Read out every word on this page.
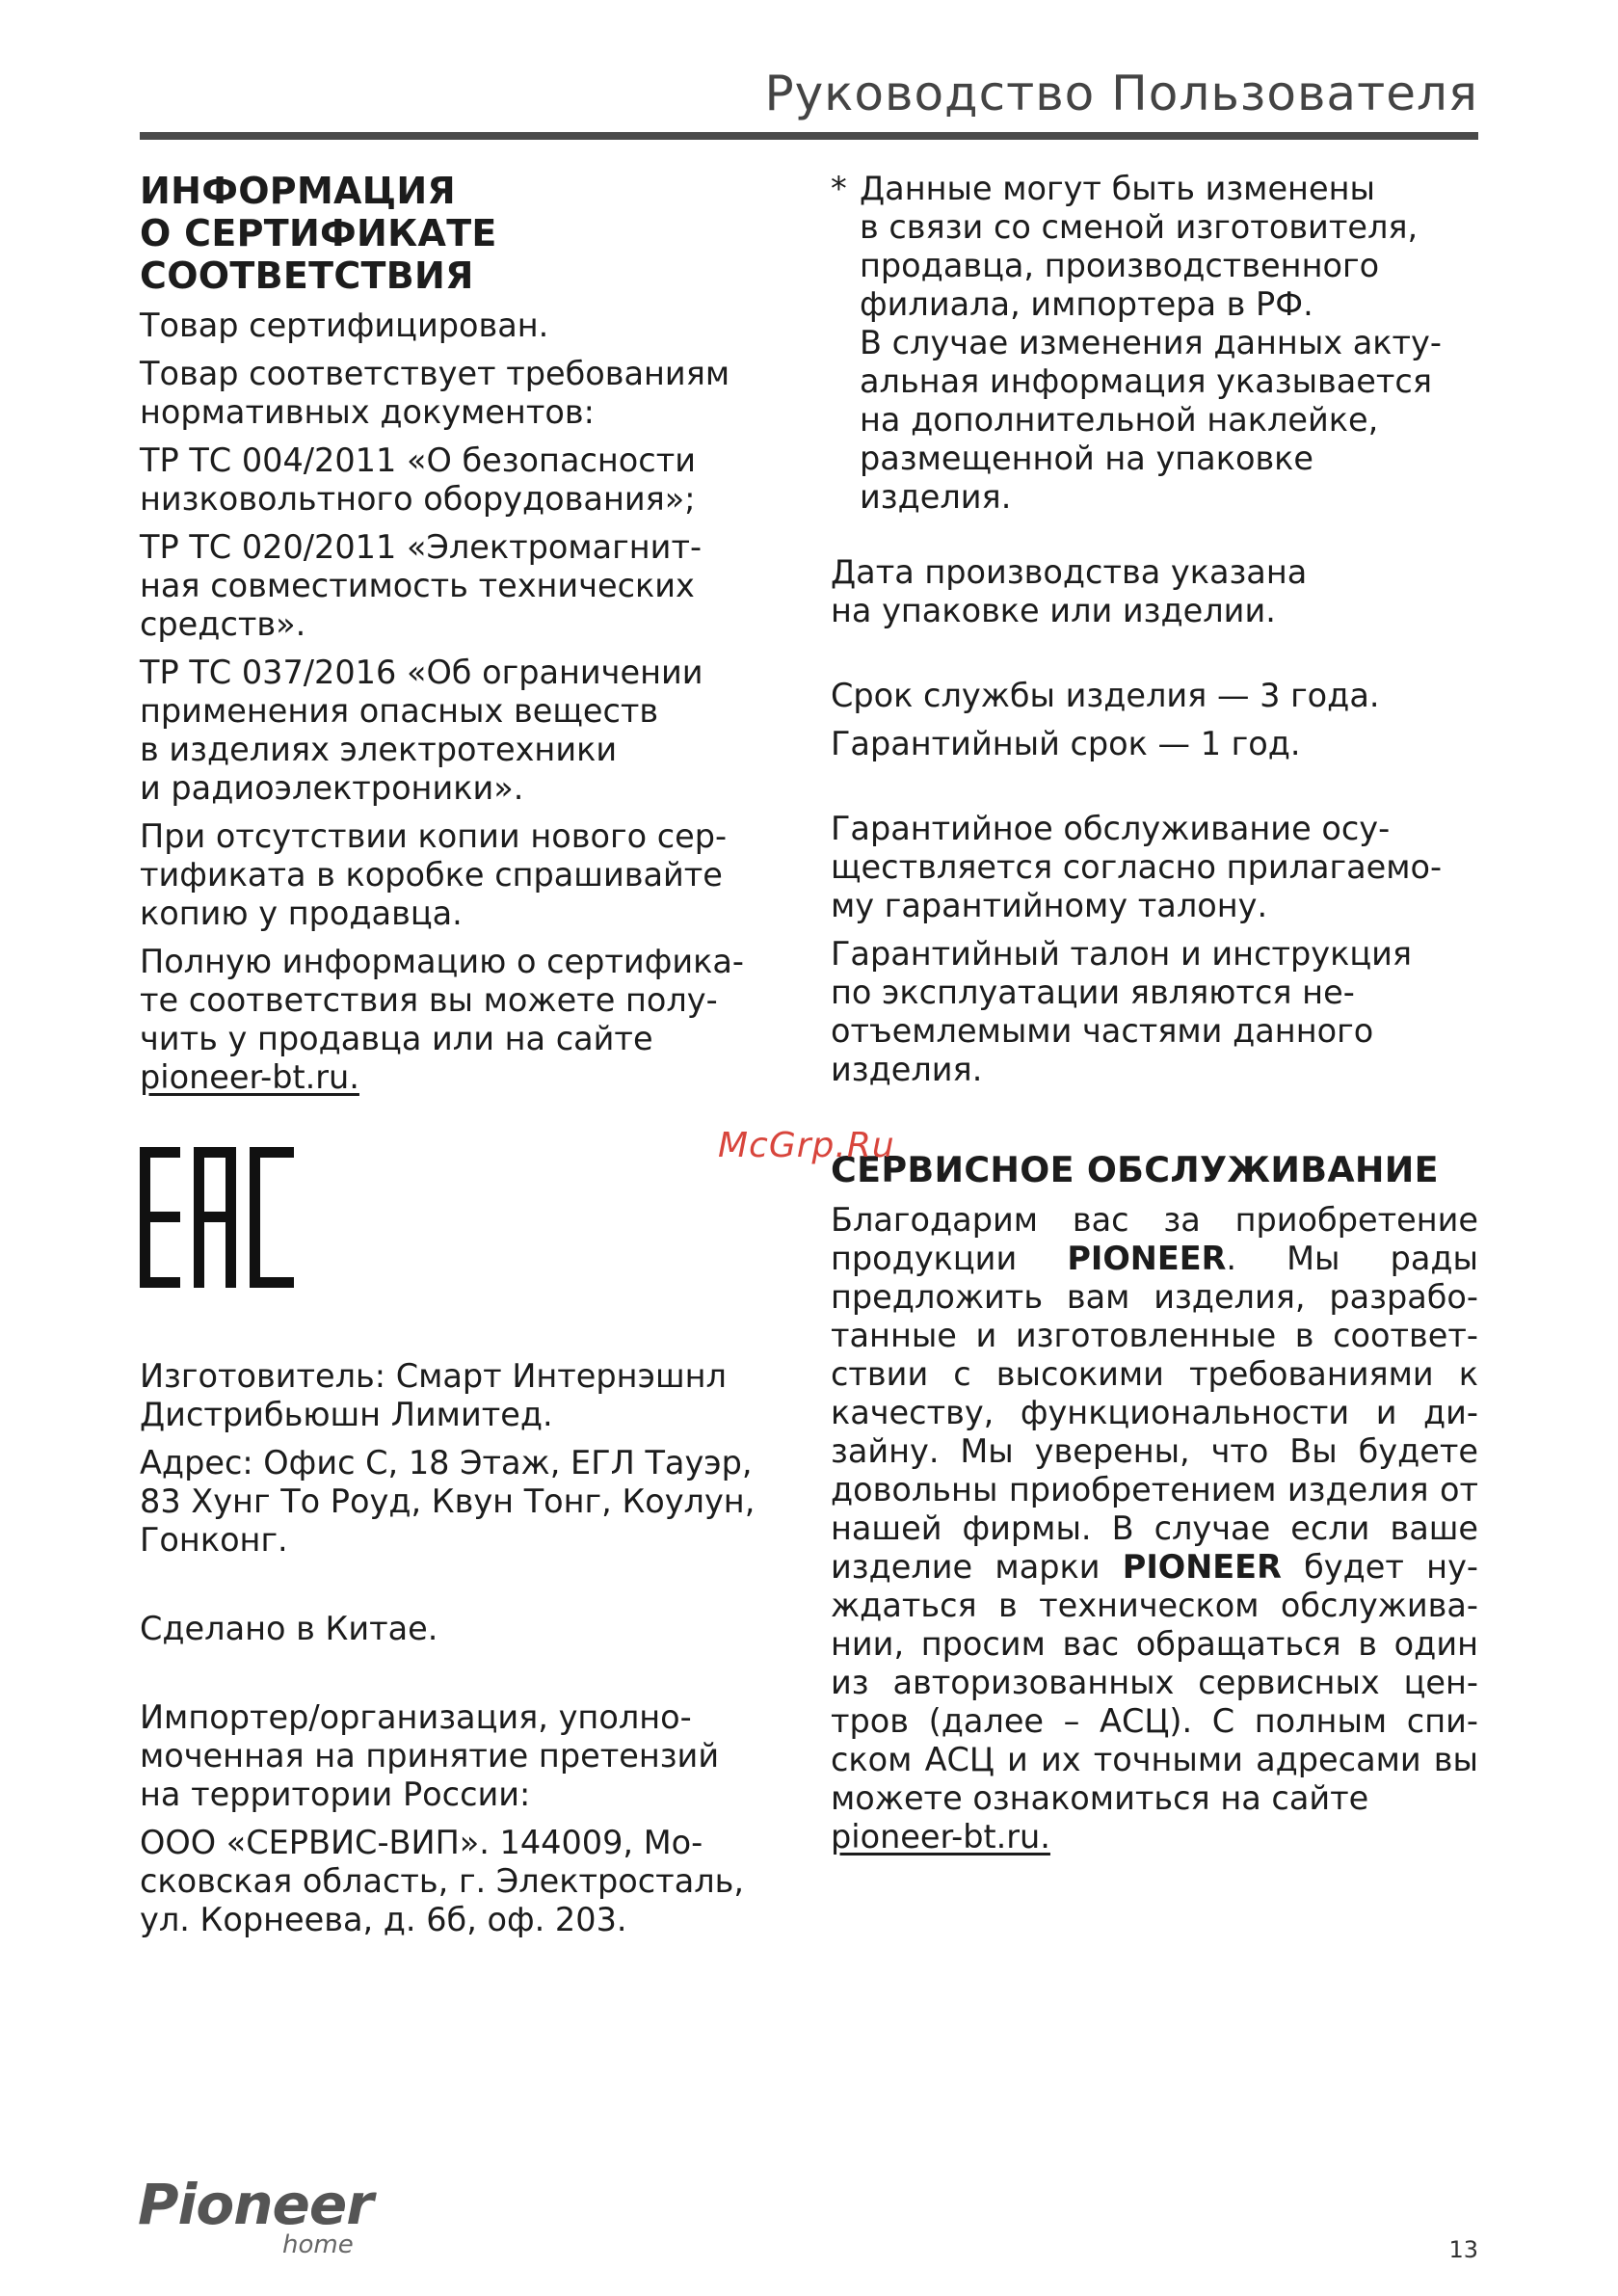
Руководство Пользователя
ИНФОРМАЦИЯ
О СЕРТИФИКАТЕ
СООТВЕТСТВИЯ

Товар сертифицирован.

Товар соответствует требованиям
нормативных документов:

ТР ТС 004/2011 «О безопасности
низковольтного оборудования»;

ТР ТС 020/2011 «Электромагнит-
ная совместимость технических
средств».

ТР ТС 037/2016 «Об ограничении
применения опасных веществ
в изделиях электротехники
и радиоэлектроники».

При отсутствии копии нового сер-
тификата в коробке спрашивайте
копию у продавца.

Полную информацию о сертифика-
те соответствия вы можете полу-
чить у продавца или на сайте
pioneer-bt.ru.

Изготовитель: Смарт Интернэшнл
Дистрибьюшн Лимитед.

Адрес: Офис С, 18 Этаж, ЕГЛ Тауэр,
83 Хунг То Роуд, Квун Тонг, Коулун,
Гонконг.

Сделано в Китае.

Импортер/организация, уполно-
моченная на принятие претензий
на территории России:

ООО «СЕРВИС-ВИП». 144009, Мо-
сковская область, г. Электросталь,
ул. Корнеева, д. 6б, оф. 203.

* Данные могут быть изменены
в связи со сменой изготовителя,
продавца, производственного
филиала, импортера в РФ.
В случае изменения данных акту-
альная информация указывается
на дополнительной наклейке,
размещенной на упаковке
изделия.

Дата производства указана
на упаковке или изделии.

Срок службы изделия — 3 года.

Гарантийный срок — 1 год.

Гарантийное обслуживание осу-
ществляется согласно прилагаемо-
му гарантийному талону.

Гарантийный талон и инструкция
по эксплуатации являются не-
отъемлемыми частями данного
изделия.

СЕРВИСНОЕ ОБСЛУЖИВАНИЕ

Благодарим вас за приобретение продукции PIONEER. Мы рады предложить вам изделия, разрабо-танные и изготовленные в соответ-ствии с высокими требованиями к качеству, функциональности и ди-зайну. Мы уверены, что Вы будете довольны приобретением изделия от нашей фирмы. В случае если ваше изделие марки PIONEER будет ну-ждаться в техническом обслужива-нии, просим вас обращаться в один из авторизованных сервисных цен-тров (далее – АСЦ). С полным спи-ском АСЦ и их точными адресами вы можете ознакомиться на сайте
pioneer-bt.ru.

McGrp.Ru
Pioneer
home	13
